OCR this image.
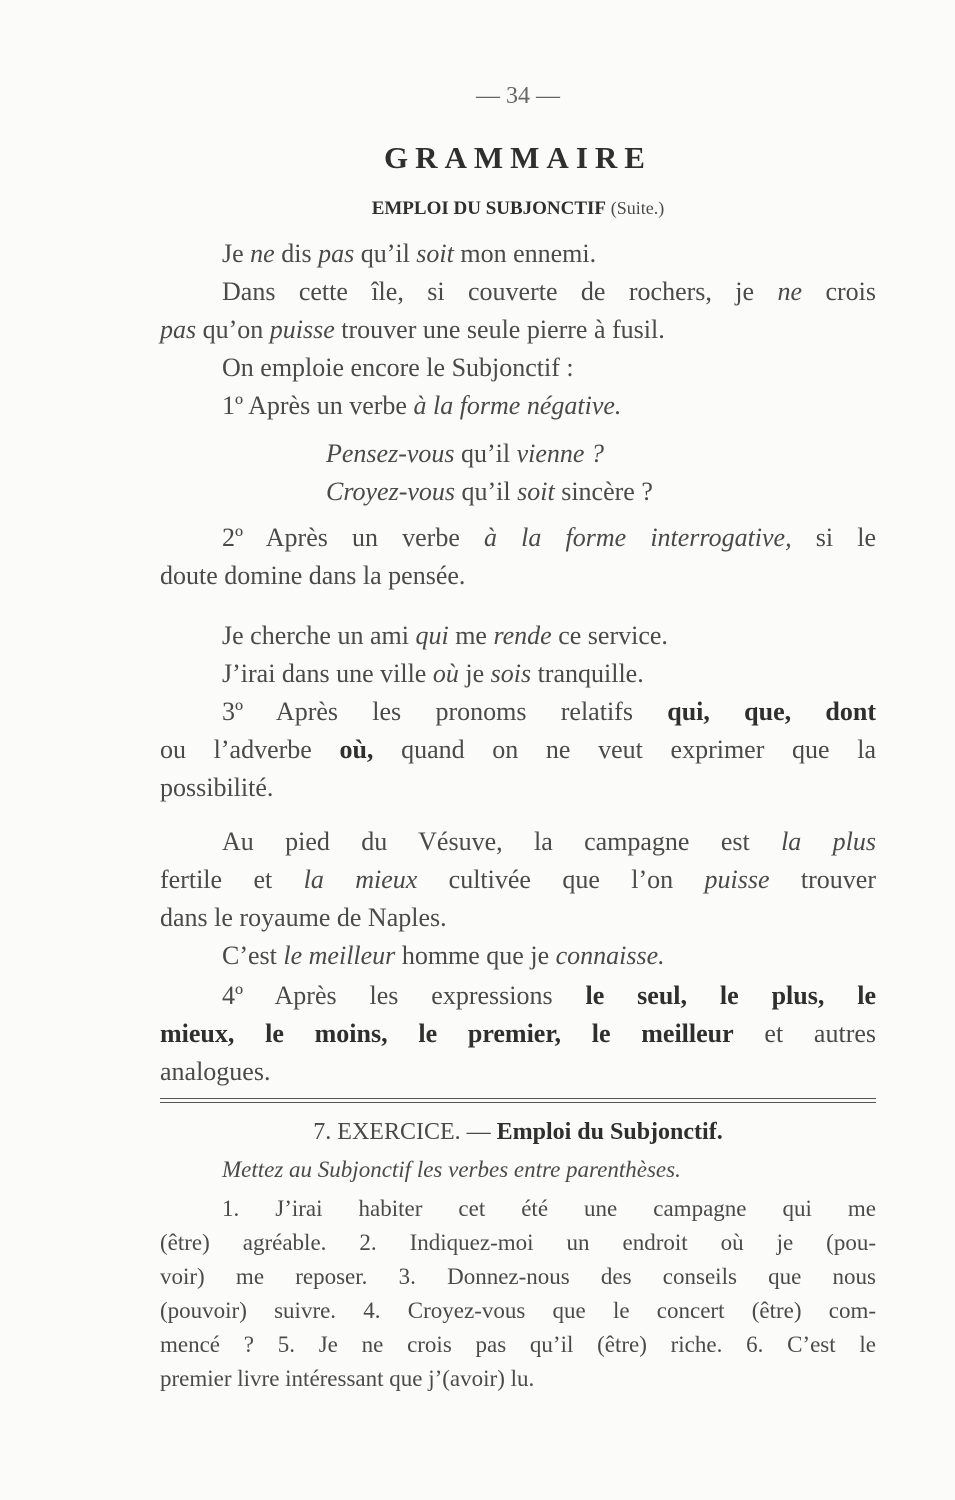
— 34 —
GRAMMAIRE
EMPLOI DU SUBJONCTIF (Suite.)
Je ne dis pas qu’il soit mon ennemi.
Dans cette île, si couverte de rochers, je ne crois
pas qu’on puisse trouver une seule pierre à fusil.
On emploie encore le Subjonctif :
1º Après un verbe à la forme négative.
Pensez-vous qu’il vienne ?
Croyez-vous qu’il soit sincère ?
2º Après un verbe à la forme interrogative, si le
doute domine dans la pensée.
Je cherche un ami qui me rende ce service.
J’irai dans une ville où je sois tranquille.
3º Après les pronoms relatifs qui, que, dont
ou l’adverbe où, quand on ne veut exprimer que la
possibilité.
Au pied du Vésuve, la campagne est la plus
fertile et la mieux cultivée que l’on puisse trouver
dans le royaume de Naples.
C’est le meilleur homme que je connaisse.
4º Après les expressions le seul, le plus, le
mieux, le moins, le premier, le meilleur et autres
analogues.
7. EXERCICE. — Emploi du Subjonctif.
Mettez au Subjonctif les verbes entre parenthèses.
1. J’irai habiter cet été une campagne qui me
(être) agréable. 2. Indiquez-moi un endroit où je (pou-
voir) me reposer. 3. Donnez-nous des conseils que nous
(pouvoir) suivre. 4. Croyez-vous que le concert (être) com-
mencé ? 5. Je ne crois pas qu’il (être) riche. 6. C’est le
premier livre intéressant que j’(avoir) lu.
